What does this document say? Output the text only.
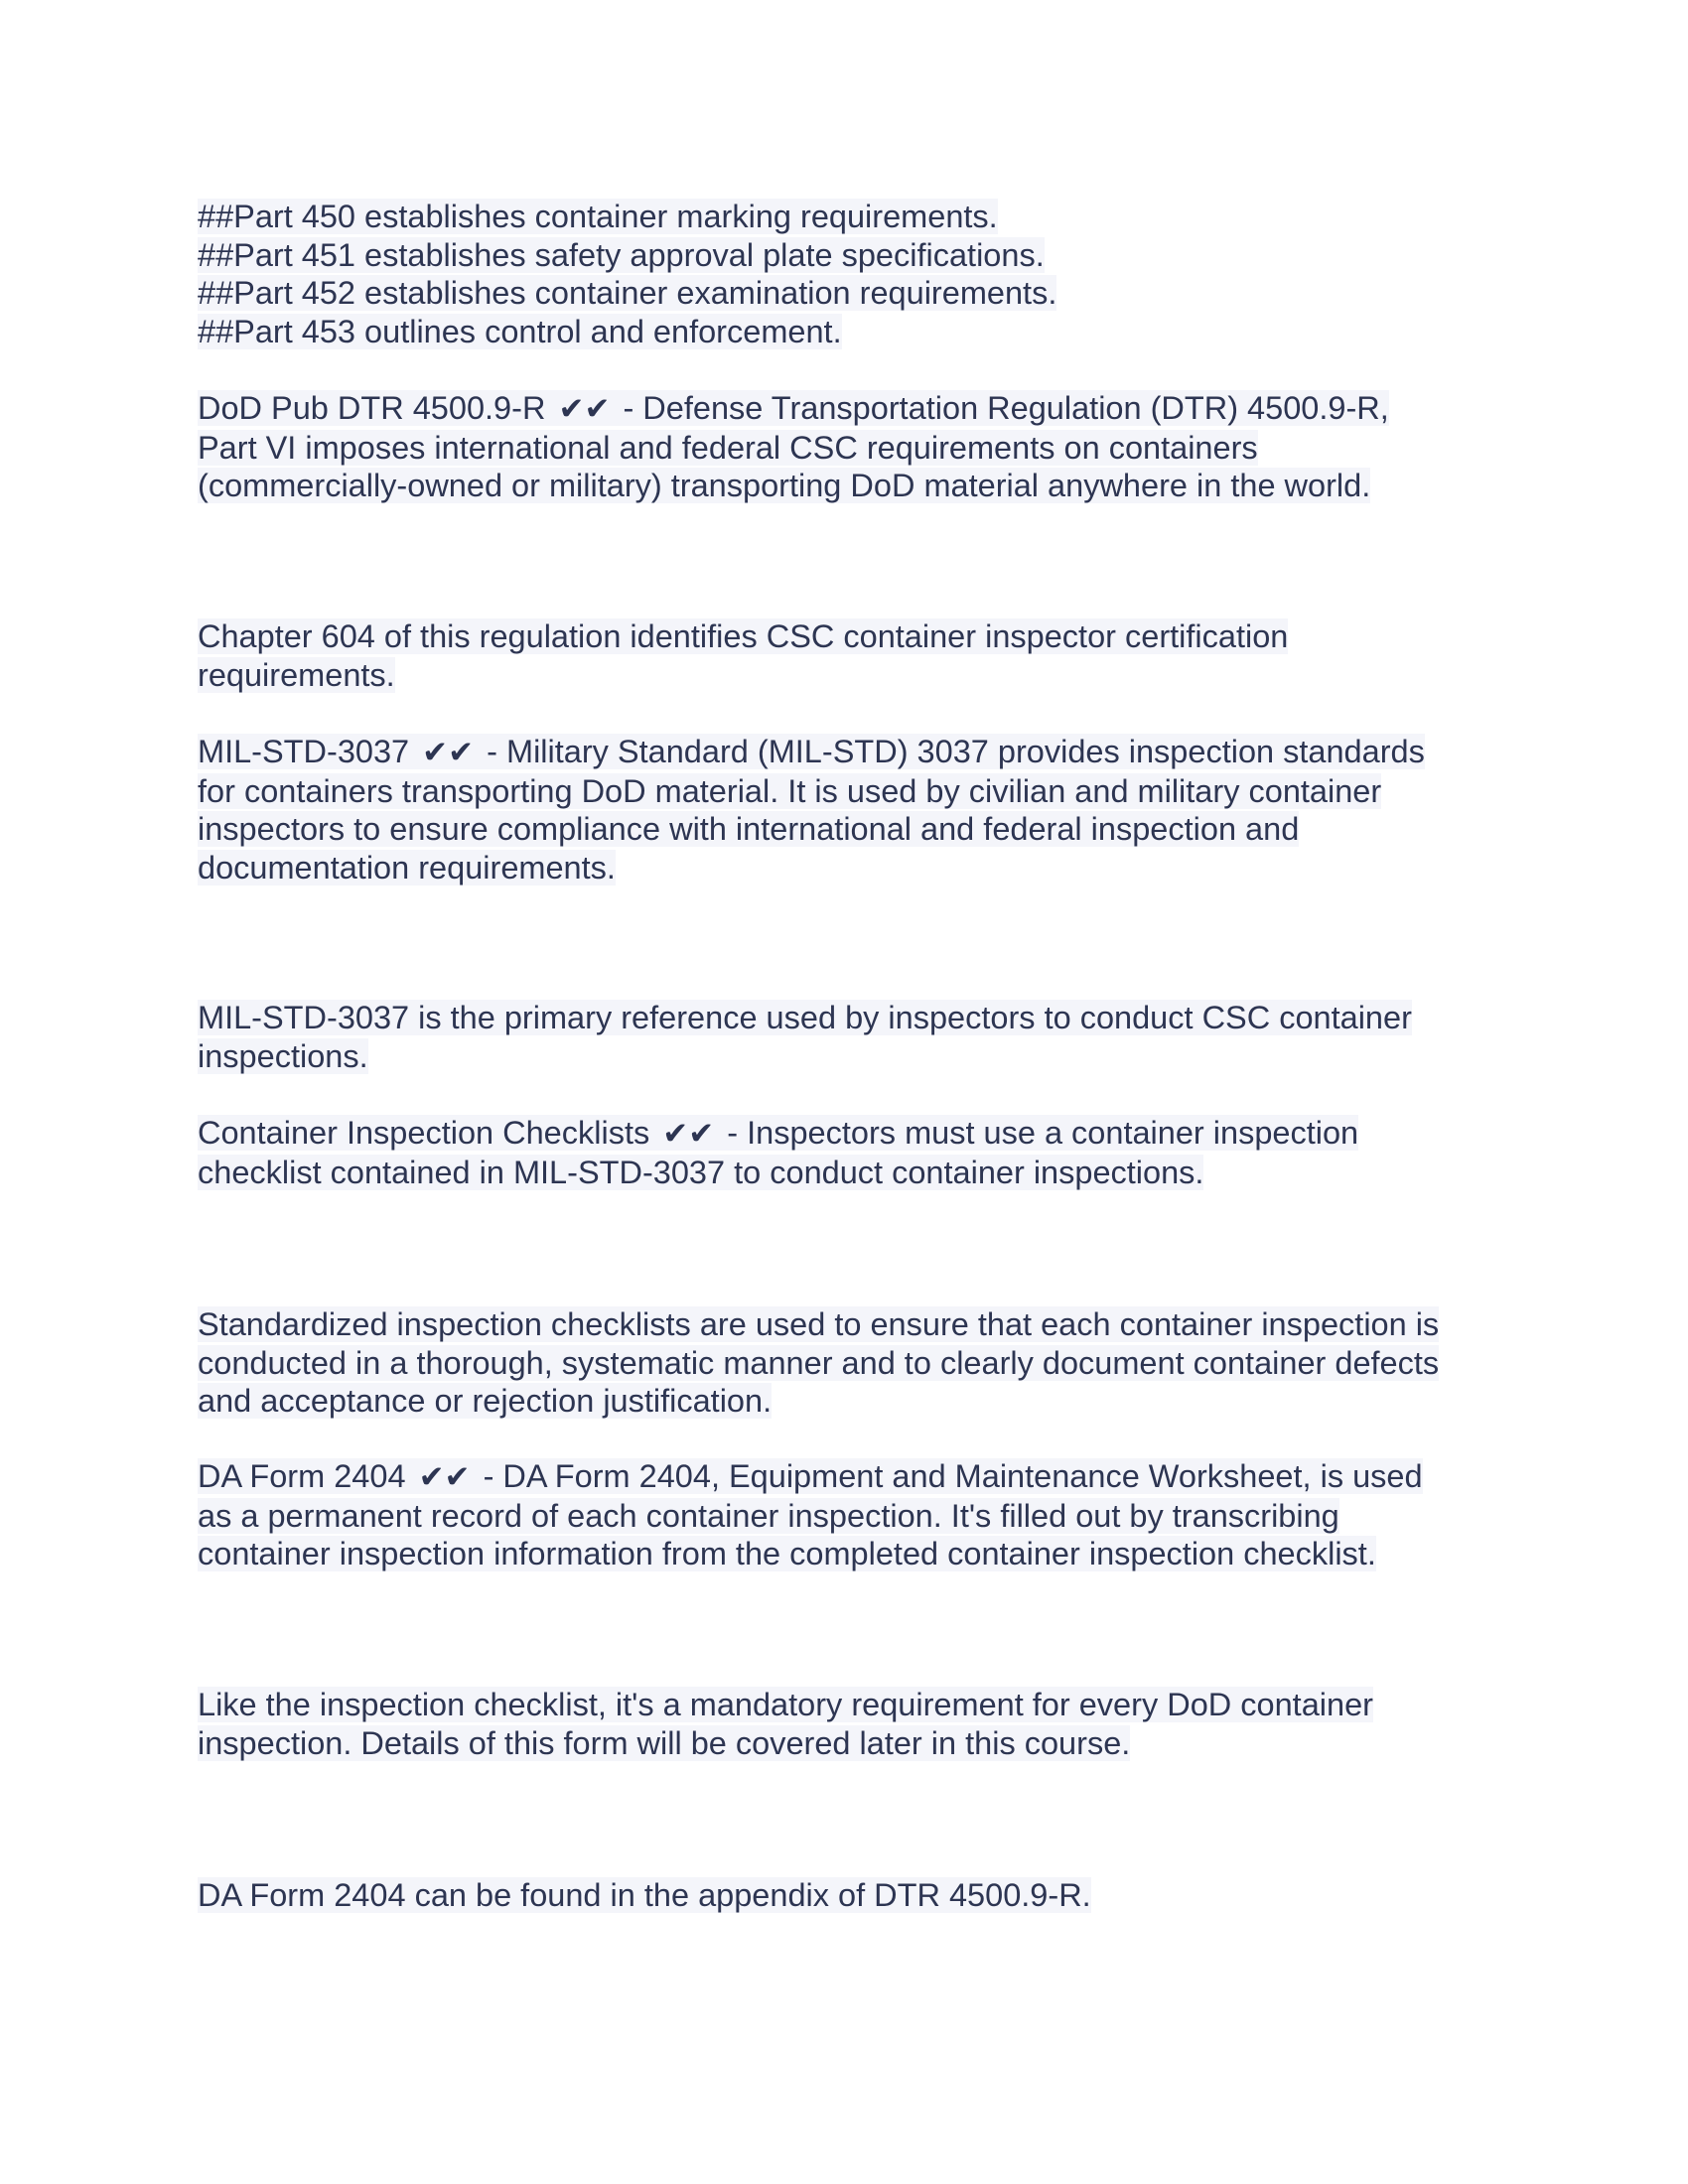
##Part 450 establishes container marking requirements.
##Part 451 establishes safety approval plate specifications.
##Part 452 establishes container examination requirements.
##Part 453 outlines control and enforcement.
DoD Pub DTR 4500.9-R ✔✔ - Defense Transportation Regulation (DTR) 4500.9-R,
Part VI imposes international and federal CSC requirements on containers
(commercially-owned or military) transporting DoD material anywhere in the world.
Chapter 604 of this regulation identifies CSC container inspector certification
requirements.
MIL-STD-3037 ✔✔ - Military Standard (MIL-STD) 3037 provides inspection standards
for containers transporting DoD material. It is used by civilian and military container
inspectors to ensure compliance with international and federal inspection and
documentation requirements.
MIL-STD-3037 is the primary reference used by inspectors to conduct CSC container
inspections.
Container Inspection Checklists ✔✔ - Inspectors must use a container inspection
checklist contained in MIL-STD-3037 to conduct container inspections.
Standardized inspection checklists are used to ensure that each container inspection is
conducted in a thorough, systematic manner and to clearly document container defects
and acceptance or rejection justification.
DA Form 2404 ✔✔ - DA Form 2404, Equipment and Maintenance Worksheet, is used
as a permanent record of each container inspection. It's filled out by transcribing
container inspection information from the completed container inspection checklist.
Like the inspection checklist, it's a mandatory requirement for every DoD container
inspection. Details of this form will be covered later in this course.
DA Form 2404 can be found in the appendix of DTR 4500.9-R.
